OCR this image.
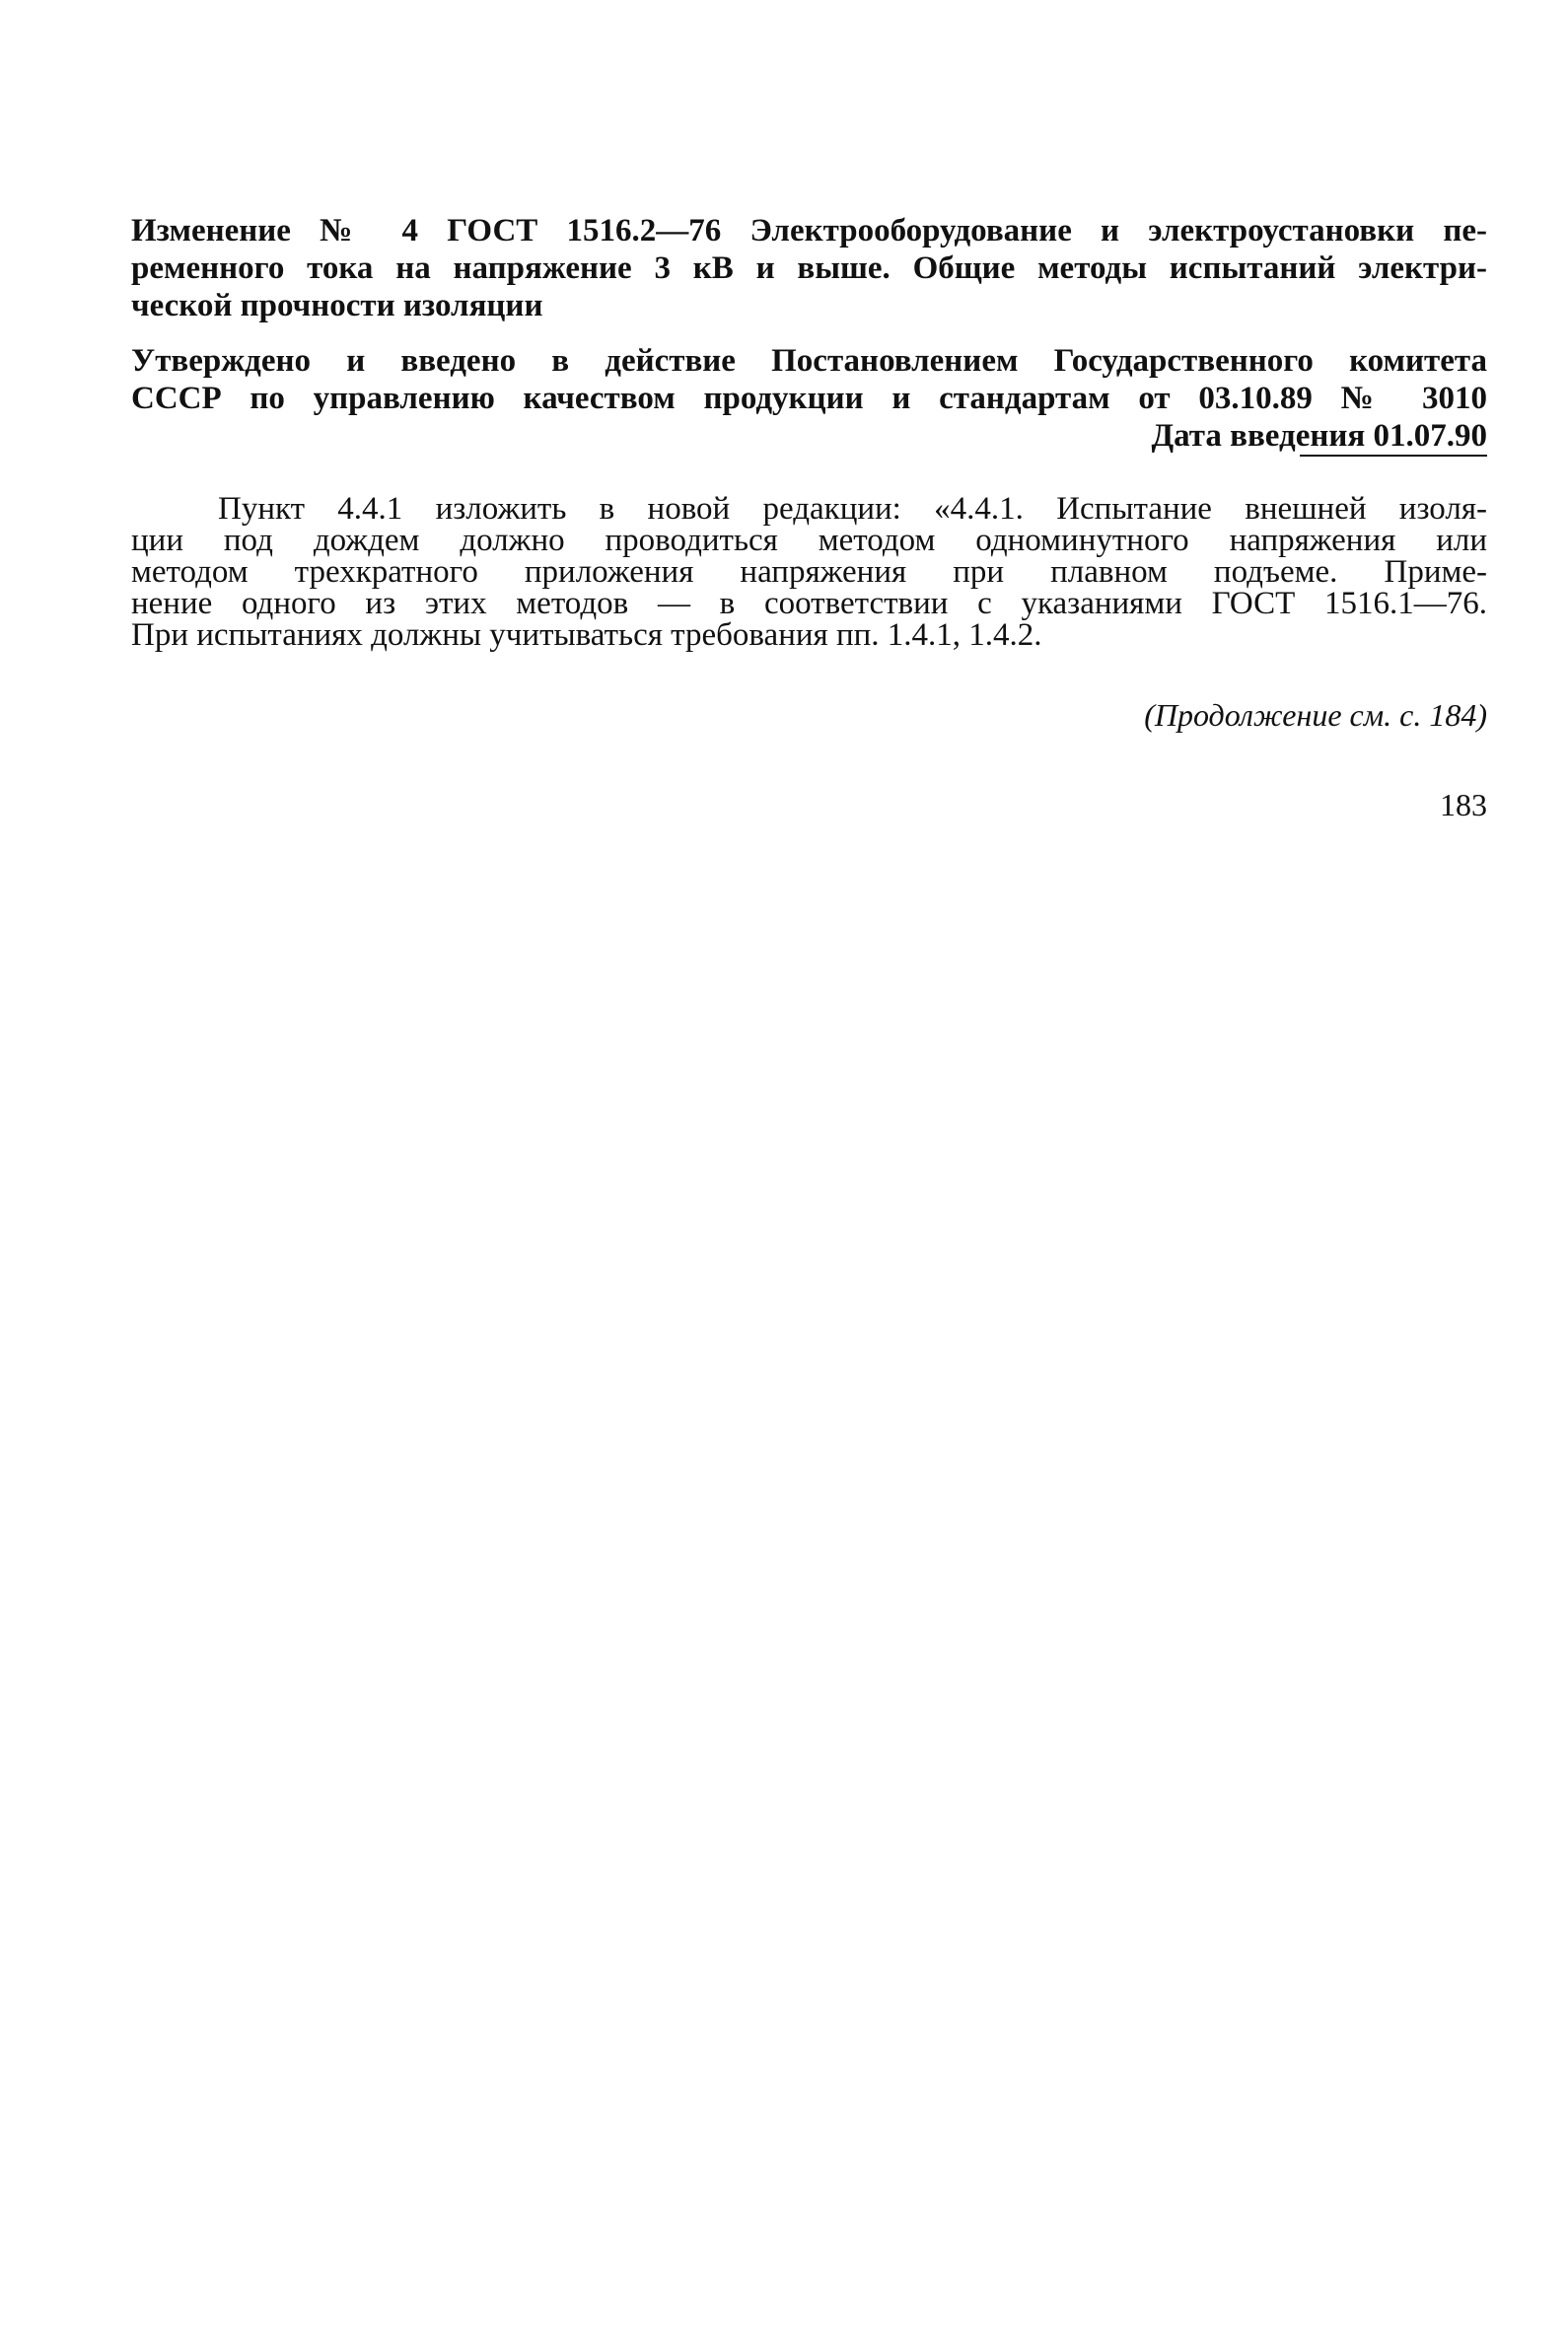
Изменение № 4 ГОСТ 1516.2—76 Электрооборудование и электроустановки пе-
ременного тока на напряжение 3 кВ и выше. Общие методы испытаний электри-
ческой прочности изоляции
Утверждено и введено в действие Постановлением Государственного комитета
СССР по управлению качеством продукции и стандартам от 03.10.89 № 3010
Дата введения 01.07.90
Пункт 4.4.1 изложить в новой редакции: «4.4.1. Испытание внешней изоля-
ции под дождем должно проводиться методом одноминутного напряжения или
методом трехкратного приложения напряжения при плавном подъеме. Приме-
нение одного из этих методов — в соответствии с указаниями ГОСТ 1516.1—76.
При испытаниях должны учитываться требования пп. 1.4.1, 1.4.2.
(Продолжение см. с. 184)
183
